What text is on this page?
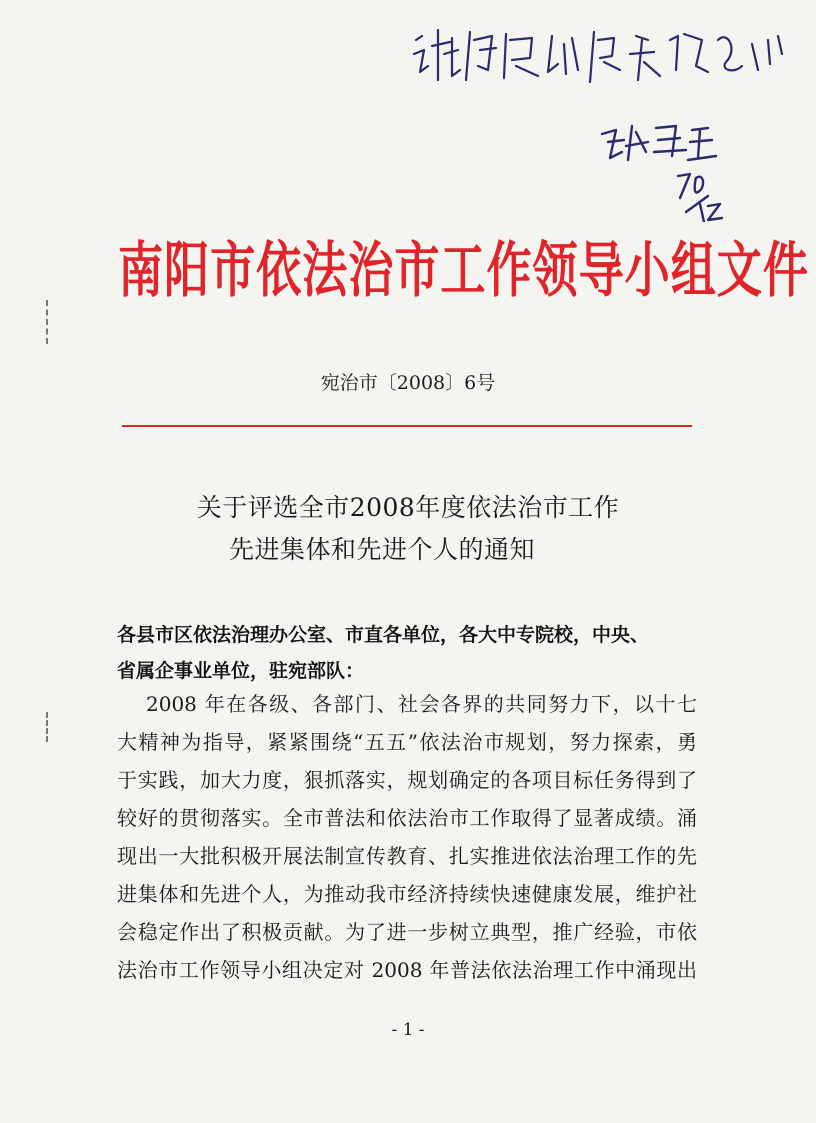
南阳市依法治市工作领导小组文件
宛治市〔2008〕6号
关于评选全市2008年度依法治市工作
先进集体和先进个人的通知
各县市区依法治理办公室、市直各单位，各大中专院校，中央、
省属企事业单位，驻宛部队：
2008 年在各级、各部门、社会各界的共同努力下，以十七
大精神为指导，紧紧围绕“五五”依法治市规划，努力探索，勇
于实践，加大力度，狠抓落实，规划确定的各项目标任务得到了
较好的贯彻落实。全市普法和依法治市工作取得了显著成绩。涌
现出一大批积极开展法制宣传教育、扎实推进依法治理工作的先
进集体和先进个人，为推动我市经济持续快速健康发展，维护社
会稳定作出了积极贡献。为了进一步树立典型，推广经验，市依
法治市工作领导小组决定对 2008 年普法依法治理工作中涌现出
- 1 -
